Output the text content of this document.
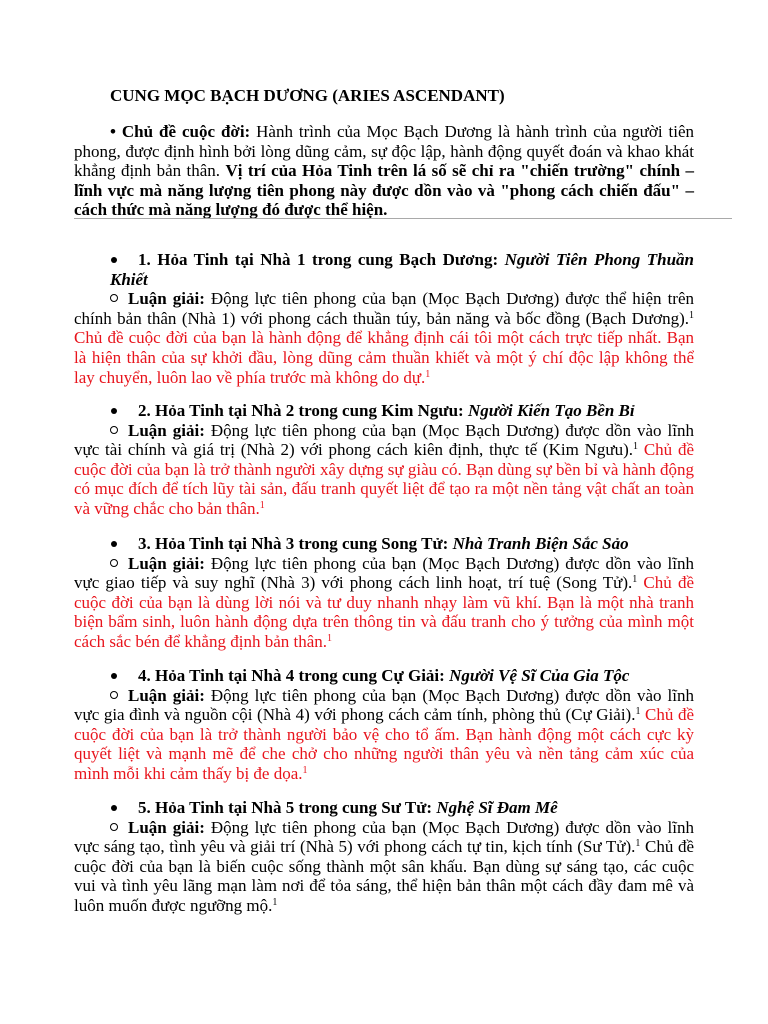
CUNG MỌC BẠCH DƯƠNG (ARIES ASCENDANT)
• Chủ đề cuộc đời: Hành trình của Mọc Bạch Dương là hành trình của người tiên phong, được định hình bởi lòng dũng cảm, sự độc lập, hành động quyết đoán và khao khát khẳng định bản thân. Vị trí của Hỏa Tinh trên lá số sẽ chỉ ra "chiến trường" chính – lĩnh vực mà năng lượng tiên phong này được dồn vào và "phong cách chiến đấu" – cách thức mà năng lượng đó được thể hiện.
1. Hỏa Tinh tại Nhà 1 trong cung Bạch Dương: Người Tiên Phong Thuần Khiết
Luận giải: Động lực tiên phong của bạn (Mọc Bạch Dương) được thể hiện trên chính bản thân (Nhà 1) với phong cách thuần túy, bản năng và bốc đồng (Bạch Dương).$^1$ Chủ đề cuộc đời của bạn là hành động để khẳng định cái tôi một cách trực tiếp nhất. Bạn là hiện thân của sự khởi đầu, lòng dũng cảm thuần khiết và một ý chí độc lập không thể lay chuyển, luôn lao về phía trước mà không do dự.$^1$
2. Hỏa Tinh tại Nhà 2 trong cung Kim Ngưu: Người Kiến Tạo Bền Bỉ
Luận giải: Động lực tiên phong của bạn (Mọc Bạch Dương) được dồn vào lĩnh vực tài chính và giá trị (Nhà 2) với phong cách kiên định, thực tế (Kim Ngưu).$^1$ Chủ đề cuộc đời của bạn là trở thành người xây dựng sự giàu có. Bạn dùng sự bền bỉ và hành động có mục đích để tích lũy tài sản, đấu tranh quyết liệt để tạo ra một nền tảng vật chất an toàn và vững chắc cho bản thân.$^1$
3. Hỏa Tinh tại Nhà 3 trong cung Song Tử: Nhà Tranh Biện Sắc Sảo
Luận giải: Động lực tiên phong của bạn (Mọc Bạch Dương) được dồn vào lĩnh vực giao tiếp và suy nghĩ (Nhà 3) với phong cách linh hoạt, trí tuệ (Song Tử).$^1$ Chủ đề cuộc đời của bạn là dùng lời nói và tư duy nhanh nhạy làm vũ khí. Bạn là một nhà tranh biện bẩm sinh, luôn hành động dựa trên thông tin và đấu tranh cho ý tưởng của mình một cách sắc bén để khẳng định bản thân.$^1$
4. Hỏa Tinh tại Nhà 4 trong cung Cự Giải: Người Vệ Sĩ Của Gia Tộc
Luận giải: Động lực tiên phong của bạn (Mọc Bạch Dương) được dồn vào lĩnh vực gia đình và nguồn cội (Nhà 4) với phong cách cảm tính, phòng thủ (Cự Giải).$^1$ Chủ đề cuộc đời của bạn là trở thành người bảo vệ cho tổ ấm. Bạn hành động một cách cực kỳ quyết liệt và mạnh mẽ để che chở cho những người thân yêu và nền tảng cảm xúc của mình mỗi khi cảm thấy bị đe dọa.$^1$
5. Hỏa Tinh tại Nhà 5 trong cung Sư Tử: Nghệ Sĩ Đam Mê
Luận giải: Động lực tiên phong của bạn (Mọc Bạch Dương) được dồn vào lĩnh vực sáng tạo, tình yêu và giải trí (Nhà 5) với phong cách tự tin, kịch tính (Sư Tử).$^1$ Chủ đề cuộc đời của bạn là biến cuộc sống thành một sân khấu. Bạn dùng sự sáng tạo, các cuộc vui và tình yêu lãng mạn làm nơi để tỏa sáng, thể hiện bản thân một cách đầy đam mê và luôn muốn được ngưỡng mộ.$^1$
